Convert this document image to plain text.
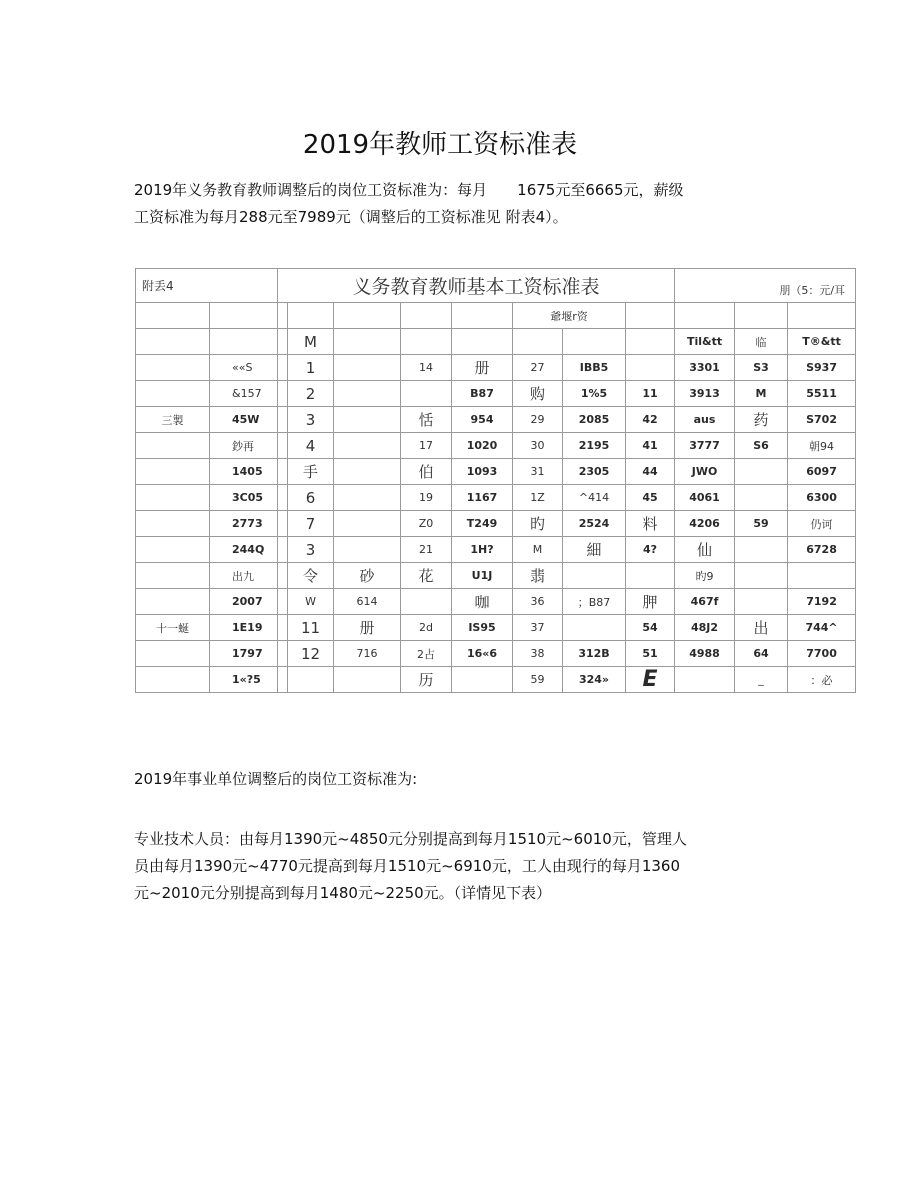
2019年教师工资标准表
2019年义务教育教师调整后的岗位工资标准为：每月　　1675元至6665元，薪级
工资标准为每月288元至7989元（调整后的工资标准见 附表4）。
附丢4		义务教育教师基本工资标准表								朋（5：元/耳		
							爺堰r资					
			M							Til&tt	临	T®&tt
	««S		1		14	册	27	IBB5		3301	S3	S937
	&157		2			B87	购	1%5	11	3913	M	5511
三製	45W		3		恬	954	29	2085	42	aus	药	S702
	鈔再		4		17	1020	30	2195	41	3777	S6	朝94
	1405		手		伯	1093	31	2305	44	JWO		6097
	3C05		6		19	1167	1Z	^414	45	4061		6300
	2773		7		Z0	T249	旳	2524	料	4206	59	仍诃
	244Q		3		21	1H?	M	細	4?	仙		6728
	出九		令	砂	花	U1J	翡			旳9		
	2007		W	614		咖	36	；B87	胛	467f		7192
十一蜒	1E19		11	册	2d	IS95	37		54	48J2	出	744^
	1797		12	716	2占	16«6	38	312B	51	4988	64	7700
	1«?5				历		59	324»	E		_	：必
2019年事业单位调整后的岗位工资标准为:
专业技术人员：由每月1390元~4850元分别提高到每月1510元~6010元，管理人
员由每月1390元~4770元提高到每月1510元~6910元，工人由现行的每月1360
元~2010元分别提高到每月1480元~2250元。（详情见下表）
